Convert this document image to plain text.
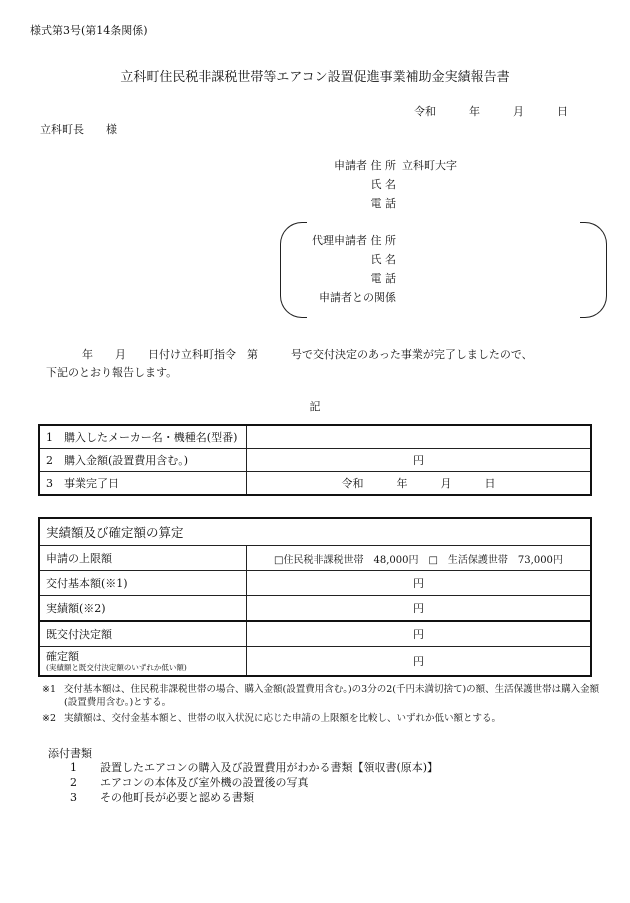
様式第3号(第14条関係)
立科町住民税非課税世帯等エアコン設置促進事業補助金実績報告書
令和　　　年　　　月　　　日
立科町長　　様
申請者 住 所 立科町大字
氏 名
電 話
代理申請者 住 所
氏 名
電 話
申請者との関係
年　　月　　日付け立科町指令　第　　　号で交付決定のあった事業が完了しましたので、
下記のとおり報告します。
記
1　購入したメーカー名・機種名(型番)	
2　購入金額(設置費用含む。)	円
3　事業完了日	令和　　　年　　　月　　　日
実績額及び確定額の算定	
申請の上限額	□住民税非課税世帯　48,000円　□　生活保護世帯　73,000円
交付基本額(※1)	円
実績額(※2)	円
既交付決定額	円
確定額
(実績額と既交付決定額のいずれか低い額)	円
※1 交付基本額は、住民税非課税世帯の場合、購入金額(設置費用含む。)の3分の2(千円未満切捨て)の額、生活保護世帯は購入金額(設置費用含む。)とする。
※2 実績額は、交付金基本額と、世帯の収入状況に応じた申請の上限額を比較し、いずれか低い額とする。
添付書類
1 設置したエアコンの購入及び設置費用がわかる書類【領収書(原本)】
2 エアコンの本体及び室外機の設置後の写真
3 その他町長が必要と認める書類
